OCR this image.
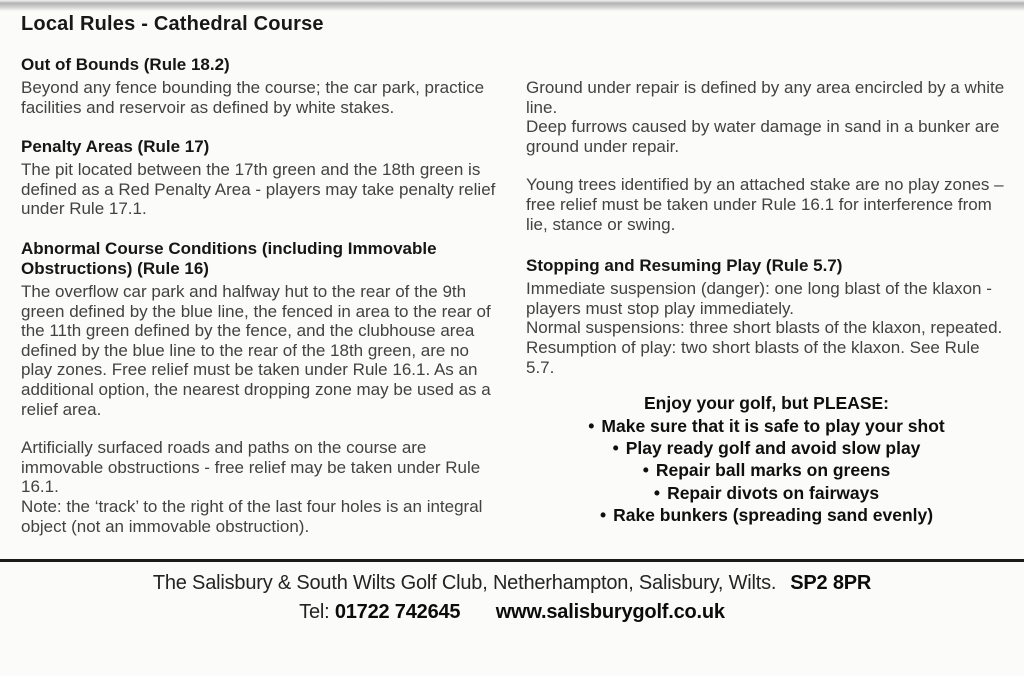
Local Rules - Cathedral Course
Out of Bounds (Rule 18.2)
Beyond any fence bounding the course; the car park, practice facilities and reservoir as defined by white stakes.
Penalty Areas (Rule 17)
The pit located between the 17th green and the 18th green is defined as a Red Penalty Area - players may take penalty relief under Rule 17.1.
Abnormal Course Conditions (including Immovable Obstructions) (Rule 16)
The overflow car park and halfway hut to the rear of the 9th green defined by the blue line, the fenced in area to the rear of the 11th green defined by the fence, and the clubhouse area defined by the blue line to the rear of the 18th green, are no play zones. Free relief must be taken under Rule 16.1. As an additional option, the nearest dropping zone may be used as a relief area.
Artificially surfaced roads and paths on the course are immovable obstructions - free relief may be taken under Rule 16.1.
Note: the ‘track’ to the right of the last four holes is an integral object (not an immovable obstruction).
Ground under repair is defined by any area encircled by a white line.
Deep furrows caused by water damage in sand in a bunker are ground under repair.
Young trees identified by an attached stake are no play zones – free relief must be taken under Rule 16.1 for interference from lie, stance or swing.
Stopping and Resuming Play (Rule 5.7)
Immediate suspension (danger): one long blast of the klaxon - players must stop play immediately.
Normal suspensions: three short blasts of the klaxon, repeated.
Resumption of play: two short blasts of the klaxon. See Rule 5.7.
Enjoy your golf, but PLEASE:
• Make sure that it is safe to play your shot
• Play ready golf and avoid slow play
• Repair ball marks on greens
• Repair divots on fairways
• Rake bunkers (spreading sand evenly)
The Salisbury & South Wilts Golf Club, Netherhampton, Salisbury, Wilts. SP2 8PR
Tel: 01722 742645 www.salisburygolf.co.uk
